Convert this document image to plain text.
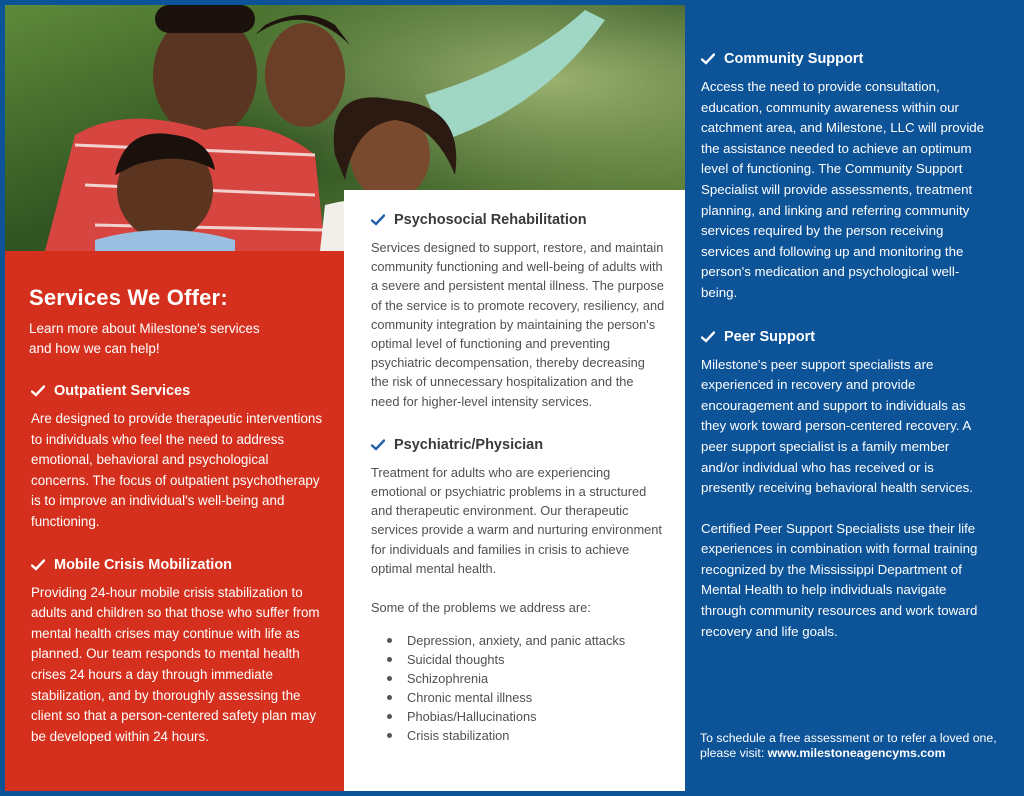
Services We Offer:
Learn more about Milestone's services and how we can help!
Outpatient Services
Are designed to provide therapeutic interventions to individuals who feel the need to address emotional, behavioral and psychological concerns. The focus of outpatient psychotherapy is to improve an individual's well-being and functioning.
Mobile Crisis Mobilization
Providing 24-hour mobile crisis stabilization to adults and children so that those who suffer from mental health crises may continue with life as planned. Our team responds to mental health crises 24 hours a day through immediate stabilization, and by thoroughly assessing the client so that a person-centered safety plan may be developed within 24 hours.
Psychosocial Rehabilitation
Services designed to support, restore, and maintain community functioning and well-being of adults with a severe and persistent mental illness. The purpose of the service is to promote recovery, resiliency, and community integration by maintaining the person's optimal level of functioning and preventing psychiatric decompensation, thereby decreasing the risk of unnecessary hospitalization and the need for higher-level intensity services.
Psychiatric/Physician
Treatment for adults who are experiencing emotional or psychiatric problems in a structured and therapeutic environment. Our therapeutic services provide a warm and nurturing environment for individuals and families in crisis to achieve optimal mental health.
Some of the problems we address are:
Depression, anxiety, and panic attacks
Suicidal thoughts
Schizophrenia
Chronic mental illness
Phobias/Hallucinations
Crisis stabilization
Community Support
Access the need to provide consultation, education, community awareness within our catchment area, and Milestone, LLC will provide the assistance needed to achieve an optimum level of functioning. The Community Support Specialist will provide assessments, treatment planning, and linking and referring community services required by the person receiving services and following up and monitoring the person's medication and psychological well-being.
Peer Support
Milestone's peer support specialists are experienced in recovery and provide encouragement and support to individuals as they work toward person-centered recovery. A peer support specialist is a family member and/or individual who has received or is presently receiving behavioral health services.
Certified Peer Support Specialists use their life experiences in combination with formal training recognized by the Mississippi Department of Mental Health to help individuals navigate through community resources and work toward recovery and life goals.
To schedule a free assessment or to refer a loved one, please visit: www.milestoneagencyms.com
